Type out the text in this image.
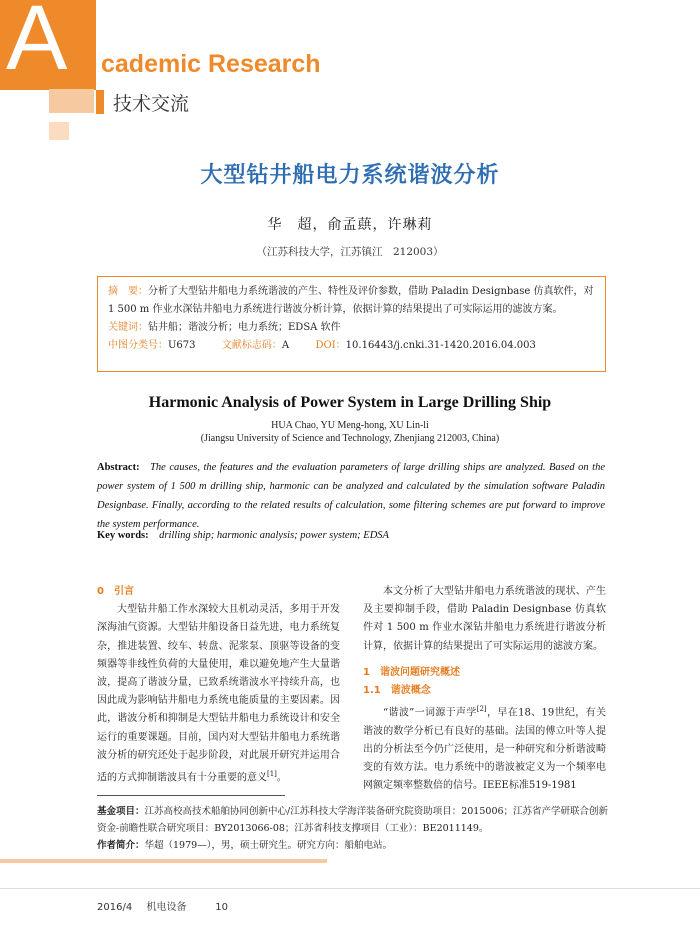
A cademic Research
技术交流
大型钻井船电力系统谐波分析
华　超，俞孟蕻，许琳莉
（江苏科技大学，江苏镇江　212003）

摘　要：分析了大型钻井船电力系统谐波的产生、特性及评价参数，借助 Paladin Designbase 仿真软件，对 1 500 m 作业水深钻井船电力系统进行谐波分析计算，依据计算的结果提出了可实际运用的滤波方案。

关键词：钻井船；谐波分析；电力系统；EDSA 软件

中图分类号：U673	文献标志码：A	DOI：10.16443/j.cnki.31-1420.2016.04.003

Harmonic Analysis of Power System in Large Drilling Ship
HUA Chao, YU Meng-hong, XU Lin-li
(Jiangsu University of Science and Technology, Zhenjiang 212003, China)
Abstract: The causes, the features and the evaluation parameters of large drilling ships are analyzed. Based on the power system of 1 500 m drilling ship, harmonic can be analyzed and calculated by the simulation software Paladin Designbase. Finally, according to the related results of calculation, some filtering schemes are put forward to improve the system performance.
Key words: drilling ship; harmonic analysis; power system; EDSA

0　引言

大型钻井船工作水深较大且机动灵活，多用于开发深海油气资源。大型钻井船设备日益先进，电力系统复杂，推进装置、绞车、转盘、泥浆泵、顶驱等设备的变频器等非线性负荷的大量使用，难以避免地产生大量谐波，提高了谐波分量，已致系统谐波水平持续升高，也因此成为影响钻井船电力系统电能质量的主要因素。因此，谐波分析和抑制是大型钻井船电力系统设计和安全运行的重要课题。目前，国内对大型钻井船电力系统谐波分析的研究还处于起步阶段，对此展开研究并运用合适的方式抑制谐波具有十分重要的意义[1]。

本文分析了大型钻井船电力系统谐波的现状、产生及主要抑制手段，借助 Paladin Designbase 仿真软件对 1 500 m 作业水深钻井船电力系统进行谐波分析计算，依据计算的结果提出了可实际运用的滤波方案。

1　谐波问题研究概述

1.1　谐波概念

“谐波”一词源于声学[2]，早在18、19世纪，有关谐波的数学分析已有良好的基础。法国的傅立叶等人提出的分析法至今仍广泛使用，是一种研究和分析谐波畸变的有效方法。电力系统中的谐波被定义为一个频率电网额定频率整数倍的信号。IEEE标准519-1981

基金项目：江苏高校高技术船舶协同创新中心/江苏科技大学海洋装备研究院资助项目：2015006；江苏省产学研联合创新资金-前瞻性联合研究项目：BY2013066-08；江苏省科技支撑项目（工业）：BE2011149。

作者简介：华超（1979—），男，硕士研究生。研究方向：船舶电站。

2016/4 机电设备	10
